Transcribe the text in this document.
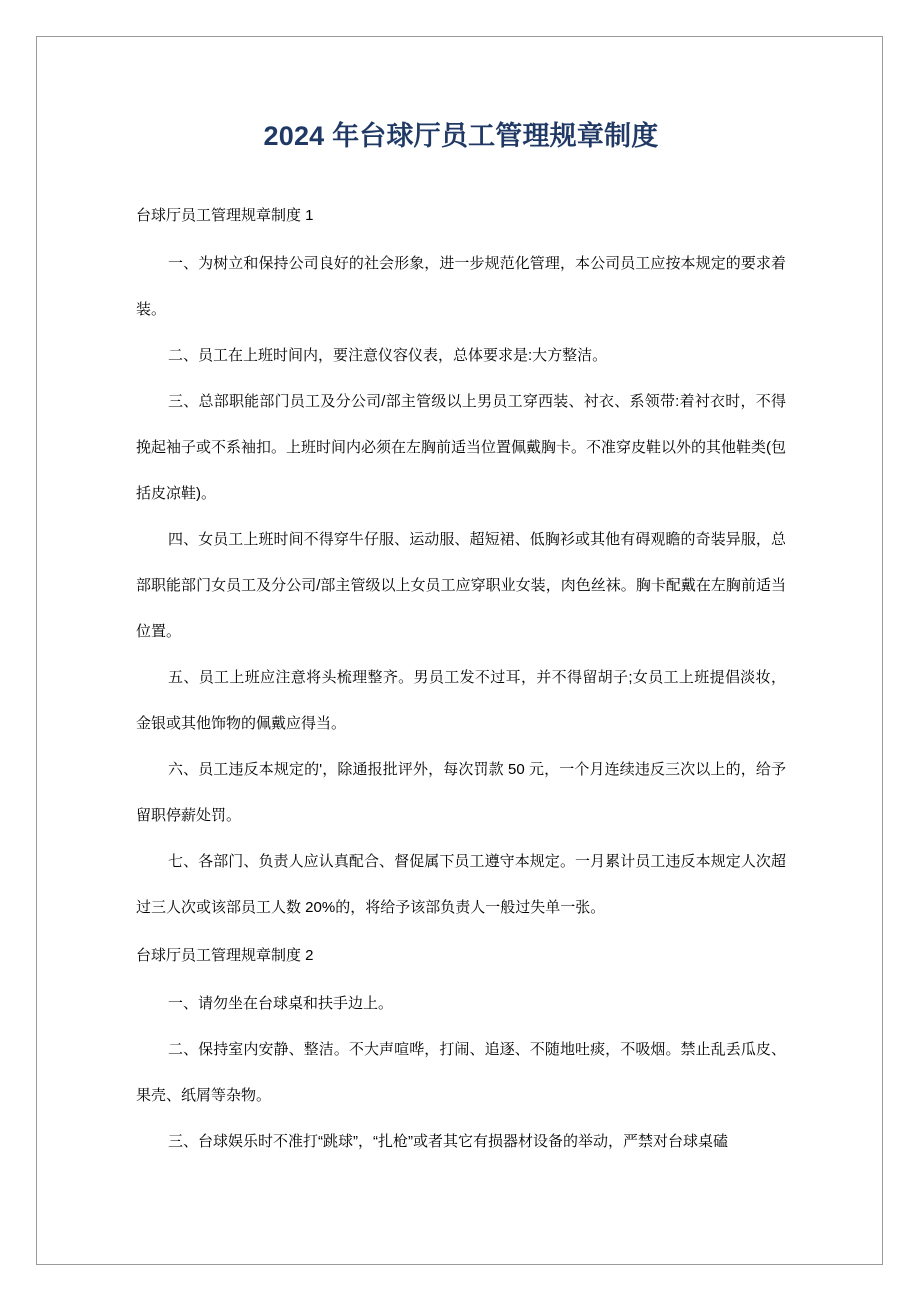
2024 年台球厅员工管理规章制度

台球厅员工管理规章制度 1

一、为树立和保持公司良好的社会形象，进一步规范化管理，本公司员工应按本规定的要求着装。

二、员工在上班时间内，要注意仪容仪表，总体要求是:大方整洁。

三、总部职能部门员工及分公司/部主管级以上男员工穿西装、衬衣、系领带:着衬衣时，不得挽起袖子或不系袖扣。上班时间内必须在左胸前适当位置佩戴胸卡。不准穿皮鞋以外的其他鞋类(包括皮凉鞋)。

四、女员工上班时间不得穿牛仔服、运动服、超短裙、低胸衫或其他有碍观瞻的奇装异服，总部职能部门女员工及分公司/部主管级以上女员工应穿职业女装，肉色丝袜。胸卡配戴在左胸前适当位置。

五、员工上班应注意将头梳理整齐。男员工发不过耳，并不得留胡子;女员工上班提倡淡妆，金银或其他饰物的佩戴应得当。

六、员工违反本规定的'，除通报批评外，每次罚款 50 元，一个月连续违反三次以上的，给予留职停薪处罚。

七、各部门、负责人应认真配合、督促属下员工遵守本规定。一月累计员工违反本规定人次超过三人次或该部员工人数 20%的，将给予该部负责人一般过失单一张。

台球厅员工管理规章制度 2

一、请勿坐在台球桌和扶手边上。

二、保持室内安静、整洁。不大声喧哗，打闹、追逐、不随地吐痰，不吸烟。禁止乱丢瓜皮、果壳、纸屑等杂物。

三、台球娱乐时不准打“跳球”，“扎枪”或者其它有损器材设备的举动，严禁对台球桌磕
